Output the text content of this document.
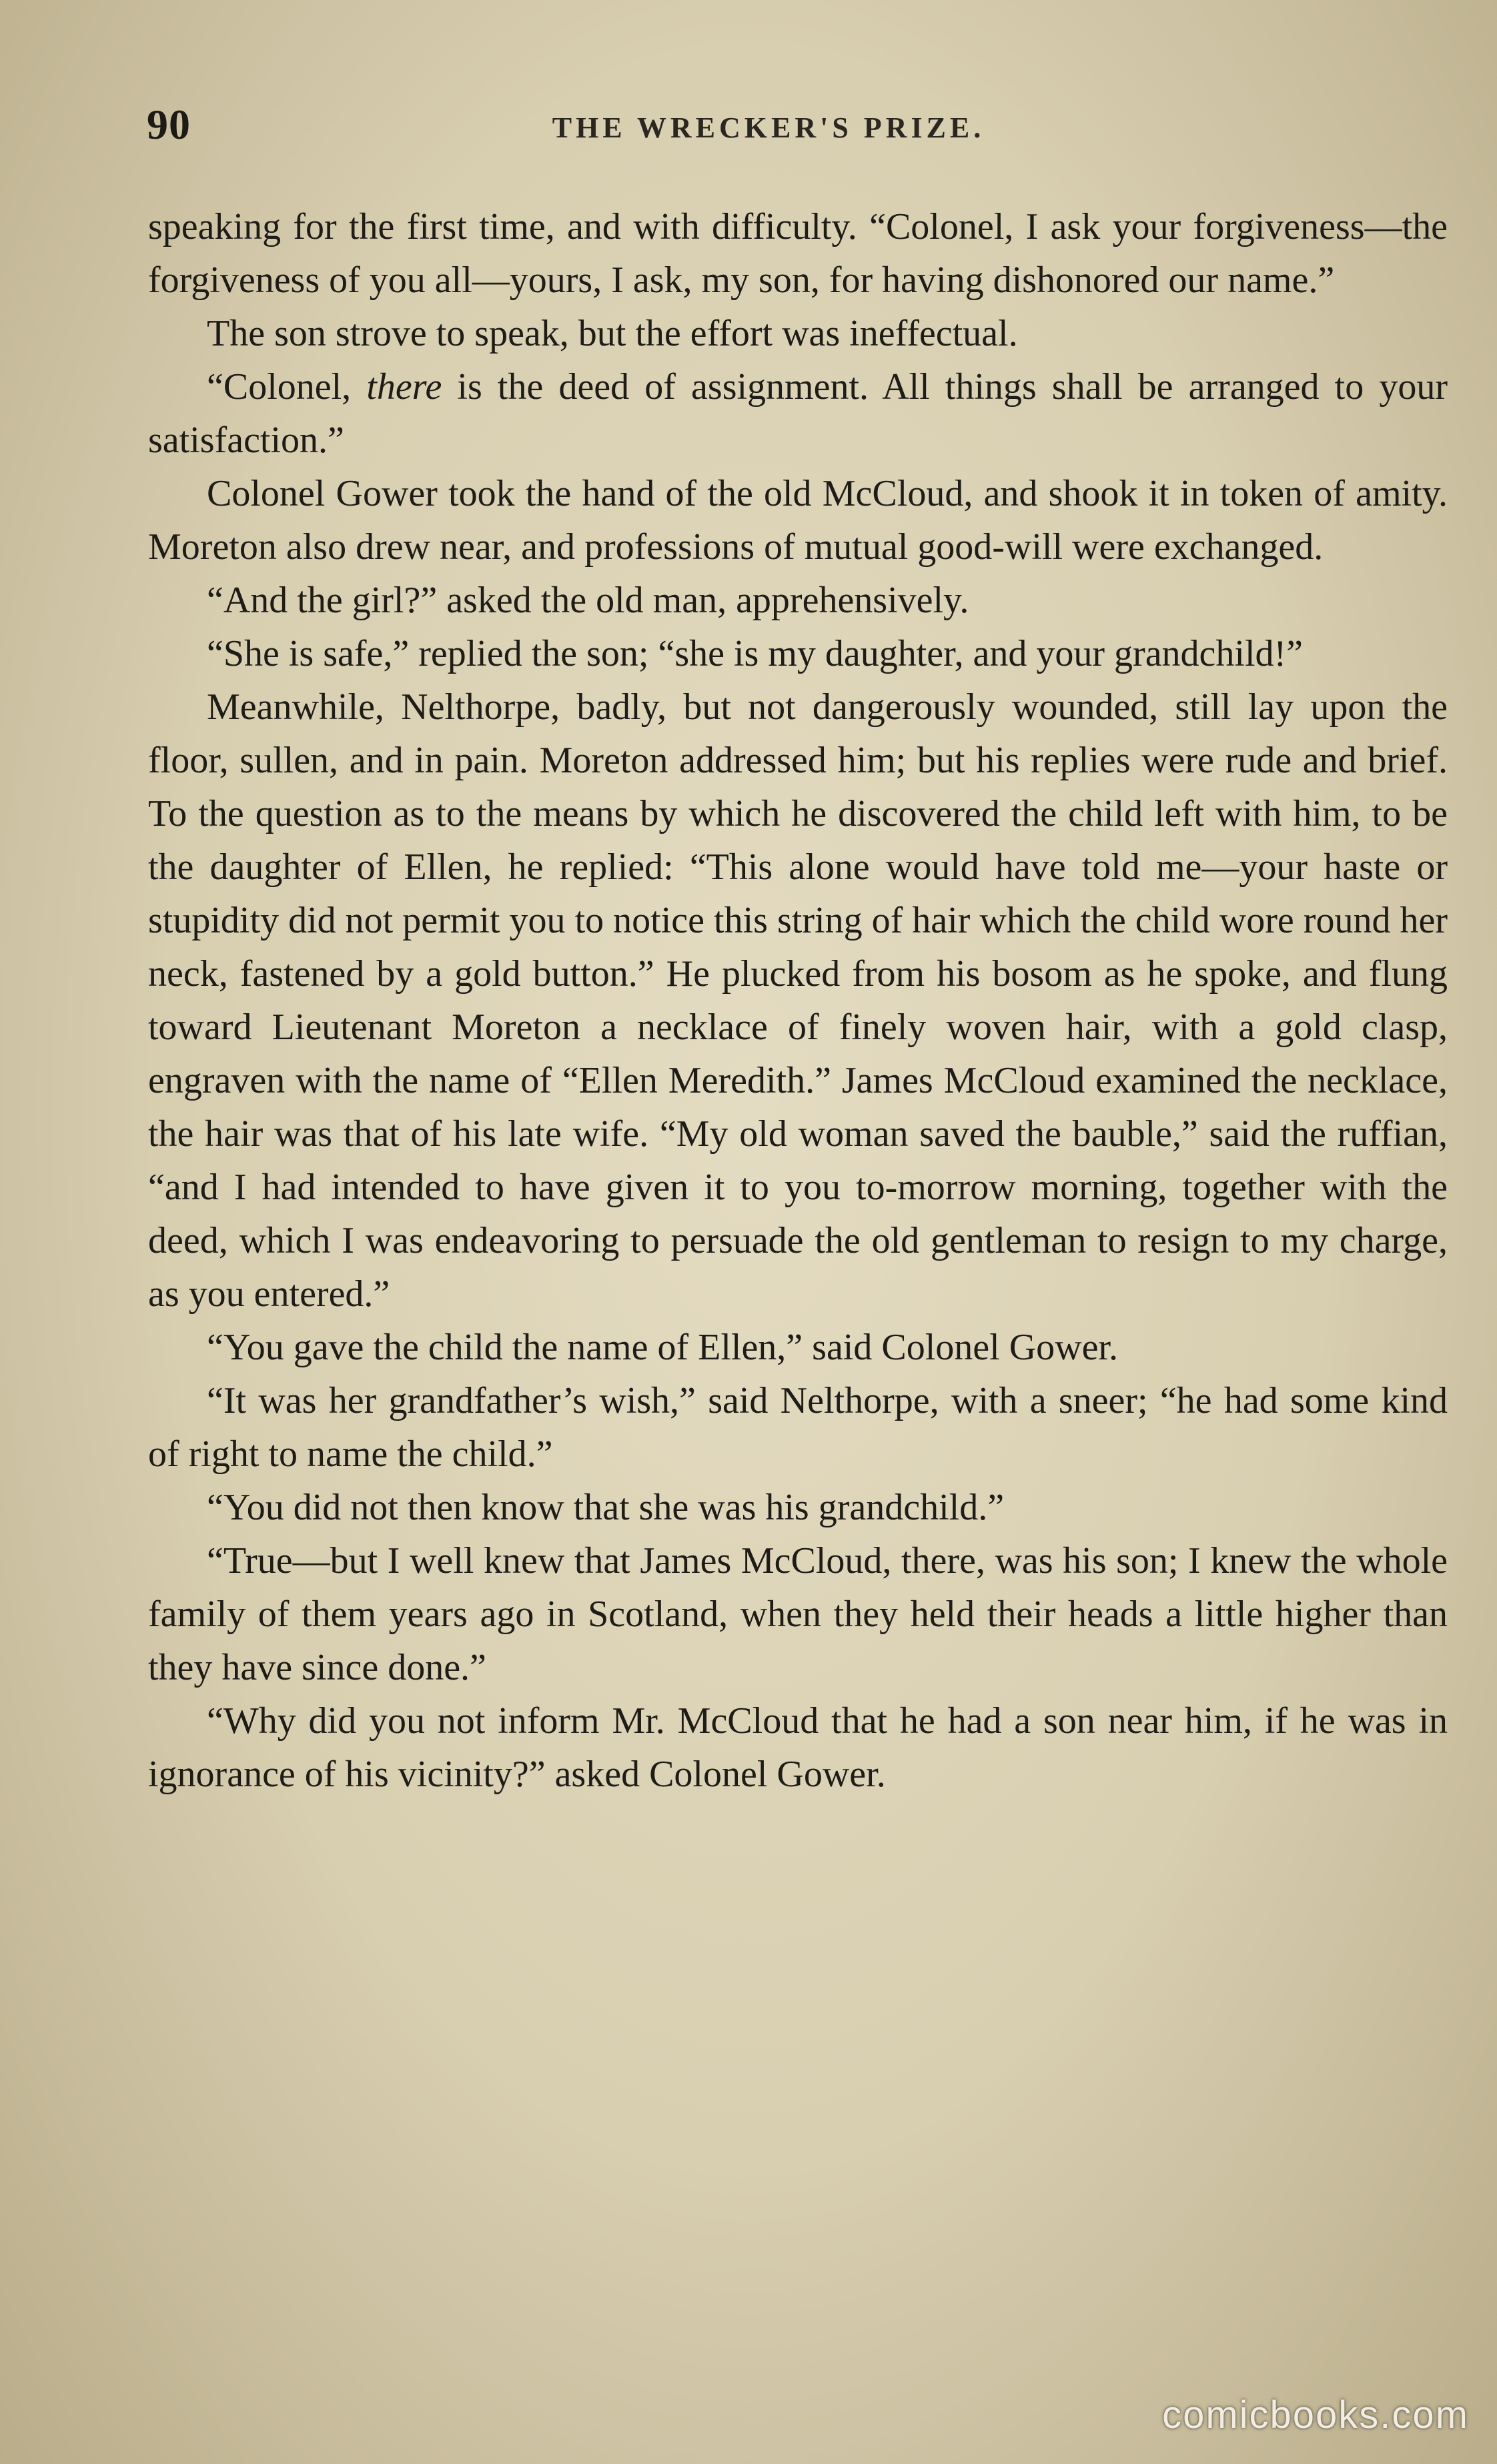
90	THE WRECKER'S PRIZE.

speaking for the first time, and with difficulty. “Colonel, I ask your forgiveness—the forgiveness of you all—yours, I ask, my son, for having dishonored our name.”

The son strove to speak, but the effort was ineffectual.

“Colonel, there is the deed of assignment. All things shall be arranged to your satisfaction.”

Colonel Gower took the hand of the old McCloud, and shook it in token of amity. Moreton also drew near, and professions of mutual good-will were exchanged.

“And the girl?” asked the old man, apprehensively.

“She is safe,” replied the son; “she is my daughter, and your grandchild!”

Meanwhile, Nelthorpe, badly, but not dangerously wounded, still lay upon the floor, sullen, and in pain. Moreton addressed him; but his replies were rude and brief. To the question as to the means by which he discovered the child left with him, to be the daughter of Ellen, he replied: “This alone would have told me—your haste or stupidity did not permit you to notice this string of hair which the child wore round her neck, fastened by a gold button.” He plucked from his bosom as he spoke, and flung toward Lieutenant Moreton a necklace of finely woven hair, with a gold clasp, engraven with the name of “Ellen Meredith.” James McCloud examined the necklace, the hair was that of his late wife. “My old woman saved the bauble,” said the ruffian, “and I had intended to have given it to you to-morrow morning, together with the deed, which I was endeavoring to persuade the old gentleman to resign to my charge, as you entered.”

“You gave the child the name of Ellen,” said Colonel Gower.

“It was her grandfather’s wish,” said Nelthorpe, with a sneer; “he had some kind of right to name the child.”

“You did not then know that she was his grandchild.”

“True—but I well knew that James McCloud, there, was his son; I knew the whole family of them years ago in Scotland, when they held their heads a little higher than they have since done.”

“Why did you not inform Mr. McCloud that he had a son near him, if he was in ignorance of his vicinity?” asked Colonel Gower.

comicbooks.com
